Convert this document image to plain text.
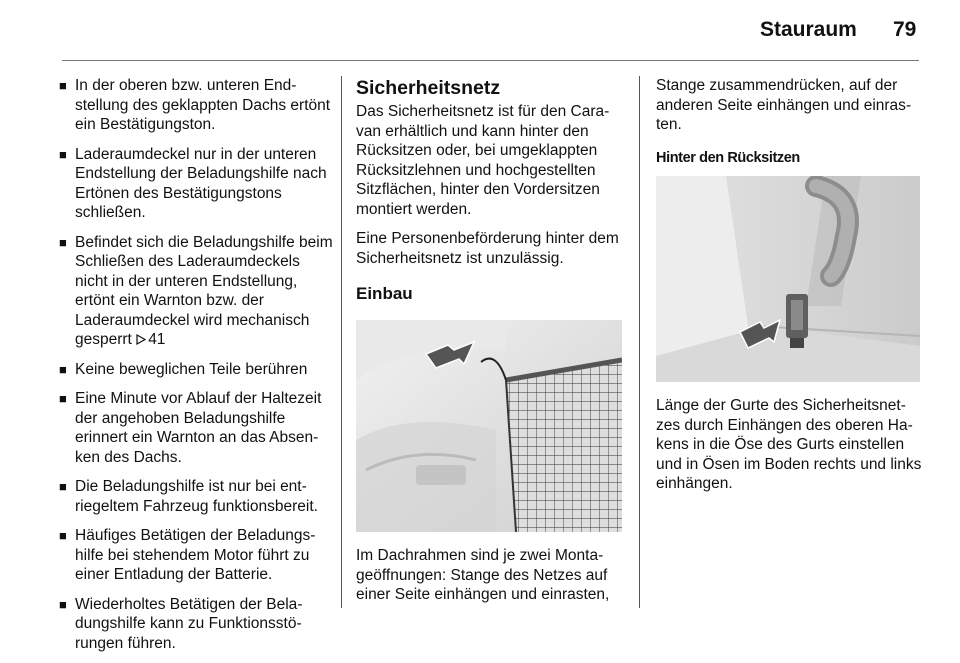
Stauraum 79
■ In der oberen bzw. unteren Endstellung des geklappten Dachs ertönt ein Bestätigungston.
■ Laderaumdeckel nur in der unteren Endstellung der Beladungshilfe nach Ertönen des Bestätigungstons schließen.
■ Befindet sich die Beladungshilfe beim Schließen des Laderaumdeckels nicht in der unteren Endstellung, ertönt ein Warnton bzw. der Laderaumdeckel wird mechanisch gesperrt 41
■ Keine beweglichen Teile berühren
■ Eine Minute vor Ablauf der Haltezeit der angehoben Beladungshilfe erinnert ein Warnton an das Absenken des Dachs.
■ Die Beladungshilfe ist nur bei entriegeltem Fahrzeug funktionsbereit.
■ Häufiges Betätigen der Beladungshilfe bei stehendem Motor führt zu einer Entladung der Batterie.
■ Wiederholtes Betätigen der Beladungshilfe kann zu Funktionsstörungen führen.
Sicherheitsnetz

Das Sicherheitsnetz ist für den Caravan erhältlich und kann hinter den Rücksitzen oder, bei umgeklappten Rücksitzlehnen und hochgestellten Sitzflächen, hinter den Vordersitzen montiert werden.

Eine Personenbeförderung hinter dem Sicherheitsnetz ist unzulässig.

Einbau

Im Dachrahmen sind je zwei Montageöffnungen: Stange des Netzes auf einer Seite einhängen und einrasten,

Stange zusammendrücken, auf der anderen Seite einhängen und einrasten.

Hinter den Rücksitzen

Länge der Gurte des Sicherheitsnetzes durch Einhängen des oberen Hakens in die Öse des Gurts einstellen und in Ösen im Boden rechts und links einhängen.
